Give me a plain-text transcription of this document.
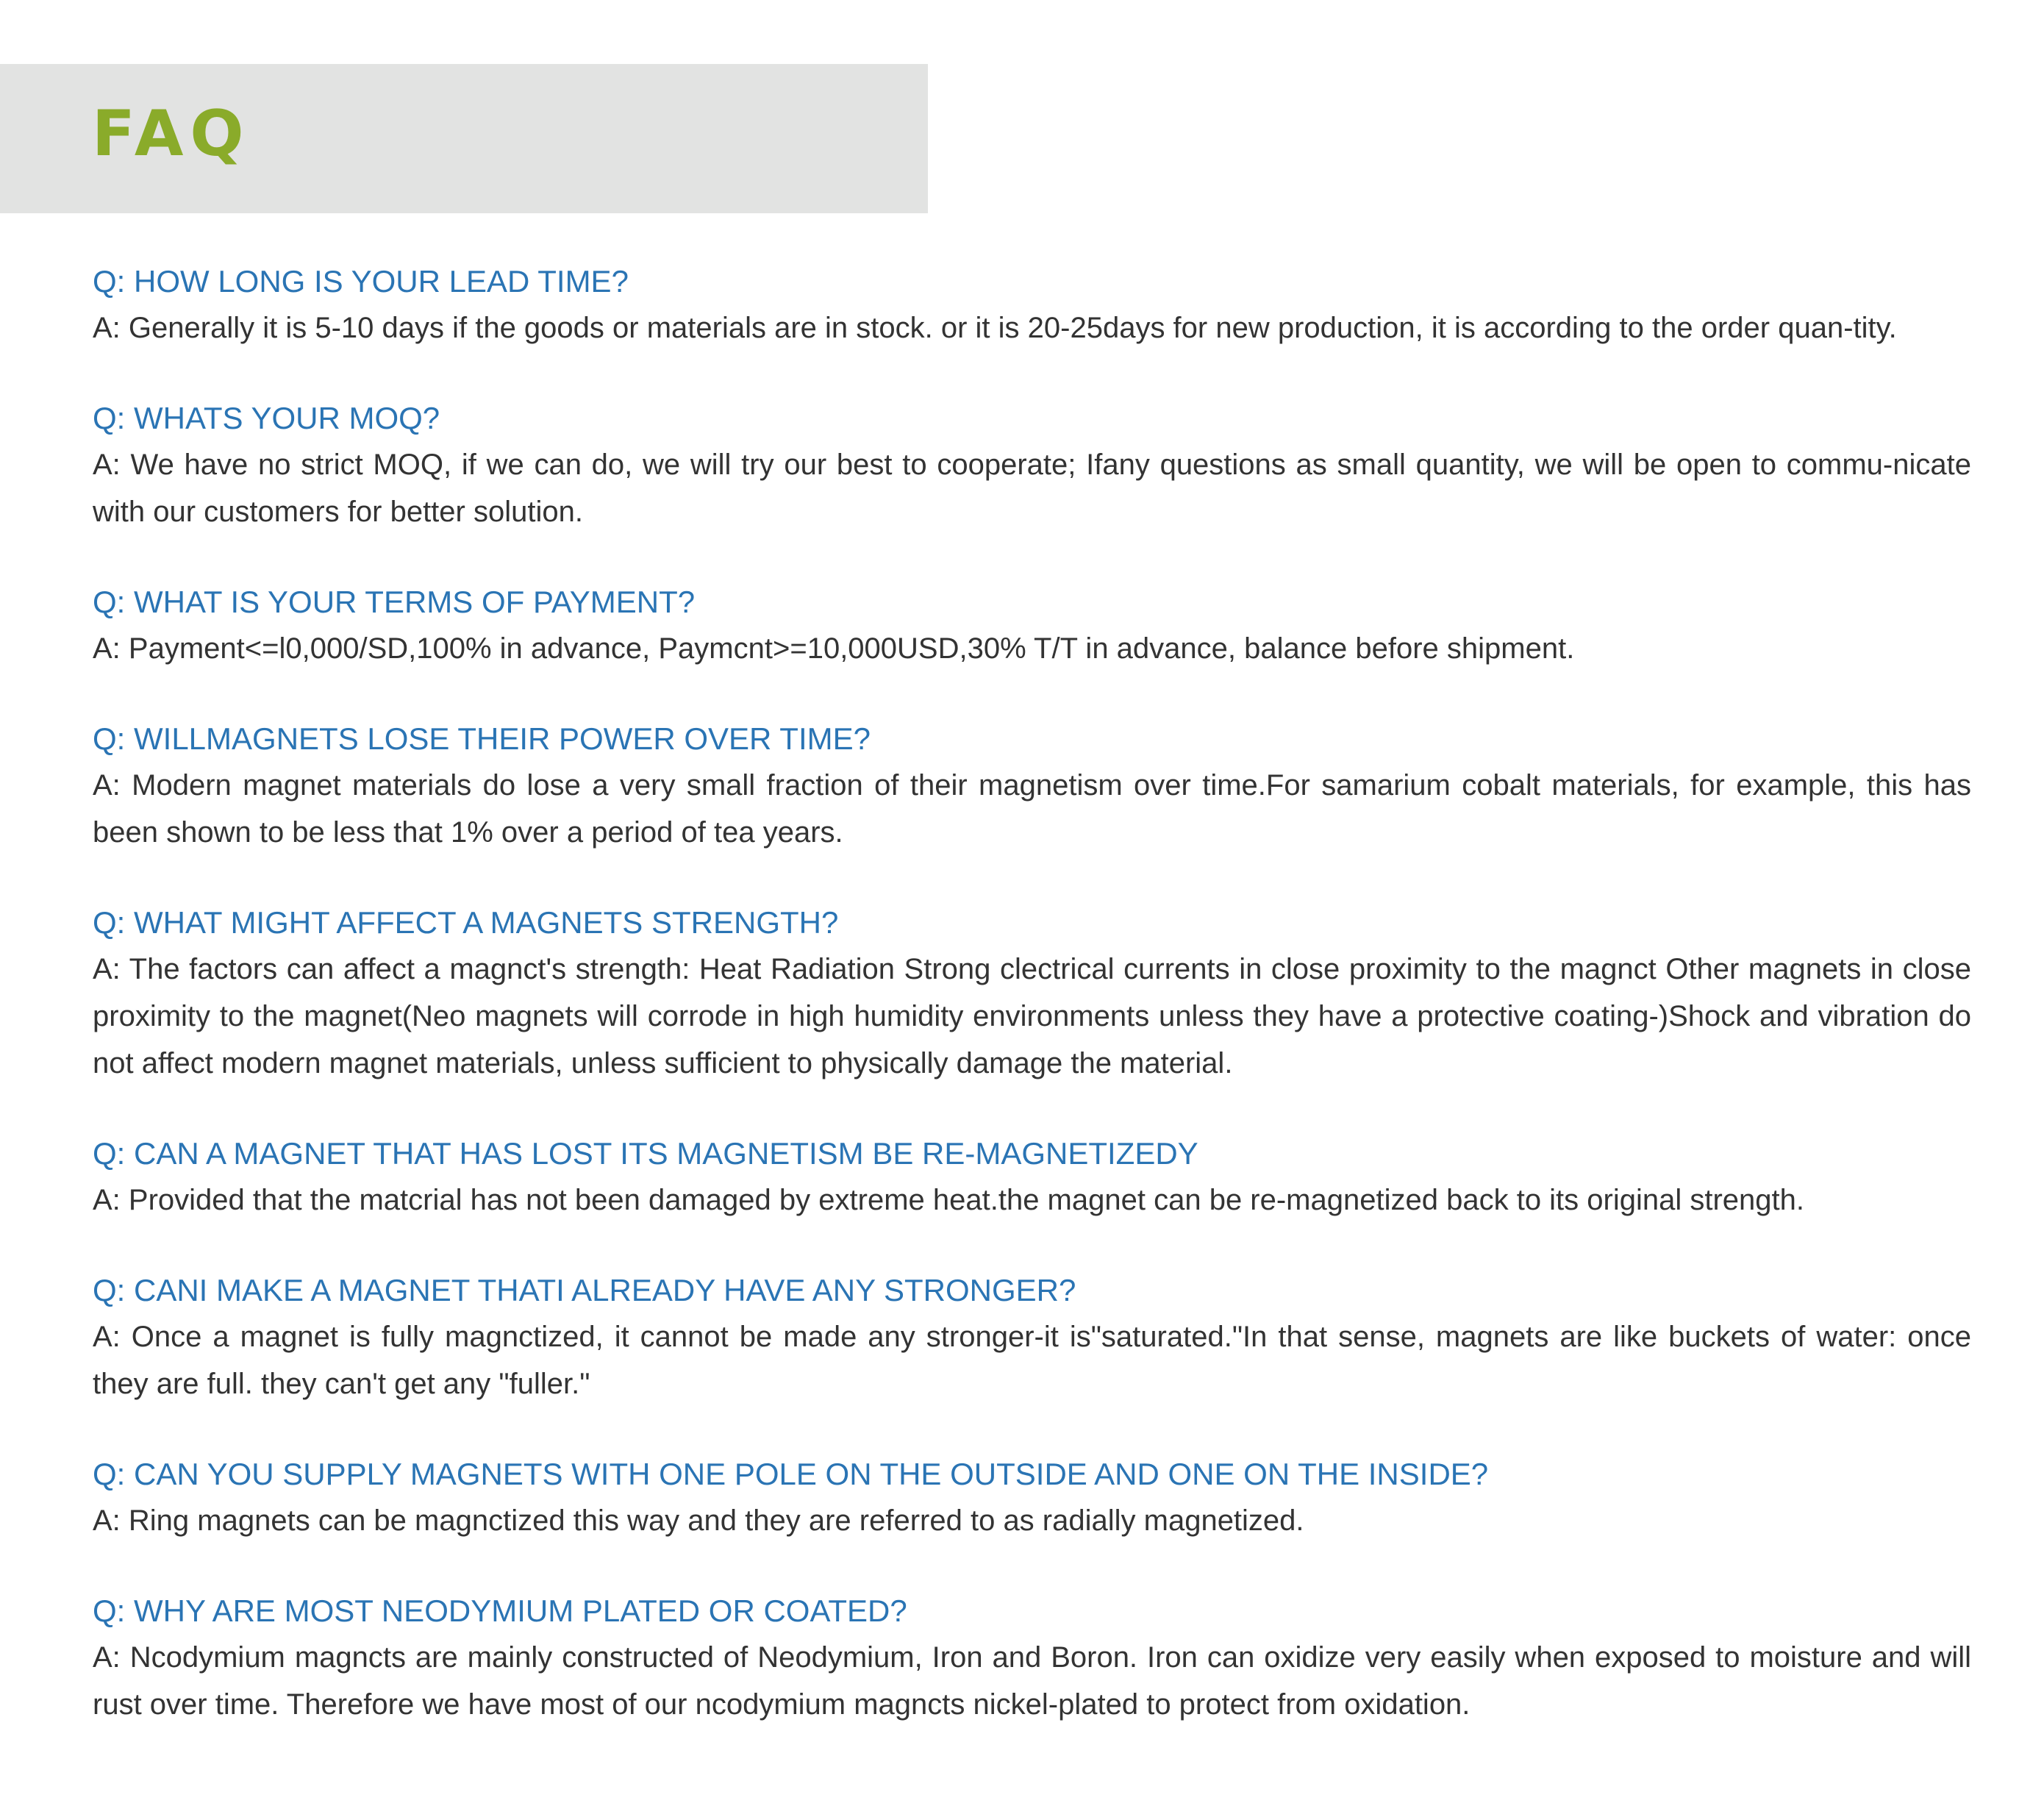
FAQ

Q: HOW LONG IS YOUR LEAD TIME?

A: Generally it is 5-10 days if the goods or materials are in stock. or it is 20-25days for new production, it is according to the order quan-tity.

Q: WHATS YOUR MOQ?

A: We have no strict MOQ, if we can do, we will try our best to cooperate; Ifany questions as small quantity, we will be open to commu-nicate with our customers for better solution.

Q: WHAT IS YOUR TERMS OF PAYMENT?

A: Payment<=l0,000/SD,100% in advance, Paymcnt>=10,000USD,30% T/T in advance, balance before shipment.

Q: WILLMAGNETS LOSE THEIR POWER OVER TIME?

A: Modern magnet materials do lose a very small fraction of their magnetism over time.For samarium cobalt materials, for example, this has been shown to be less that 1% over a period of tea years.

Q: WHAT MIGHT AFFECT A MAGNETS STRENGTH?

A: The factors can affect a magnct's strength: Heat Radiation Strong clectrical currents in close proximity to the magnct Other magnets in close proximity to the magnet(Neo magnets will corrode in high humidity environments unless they have a protective coating-)Shock and vibration do not affect modern magnet materials, unless sufficient to physically damage the material.

Q: CAN A MAGNET THAT HAS LOST ITS MAGNETISM BE RE-MAGNETIZEDY

A: Provided that the matcrial has not been damaged by extreme heat.the magnet can be re-magnetized back to its original strength.

Q: CANI MAKE A MAGNET THATI ALREADY HAVE ANY STRONGER?

A: Once a magnet is fully magnctized, it cannot be made any stronger-it is"saturated."In that sense, magnets are like buckets of water: once they are full. they can't get any "fuller."

Q: CAN YOU SUPPLY MAGNETS WITH ONE POLE ON THE OUTSIDE AND ONE ON THE INSIDE?

A: Ring magnets can be magnctized this way and they are referred to as radially magnetized.

Q: WHY ARE MOST NEODYMIUM PLATED OR COATED?

A: Ncodymium magncts are mainly constructed of Neodymium, Iron and Boron. Iron can oxidize very easily when exposed to moisture and will rust over time. Therefore we have most of our ncodymium magncts nickel-plated to protect from oxidation.
